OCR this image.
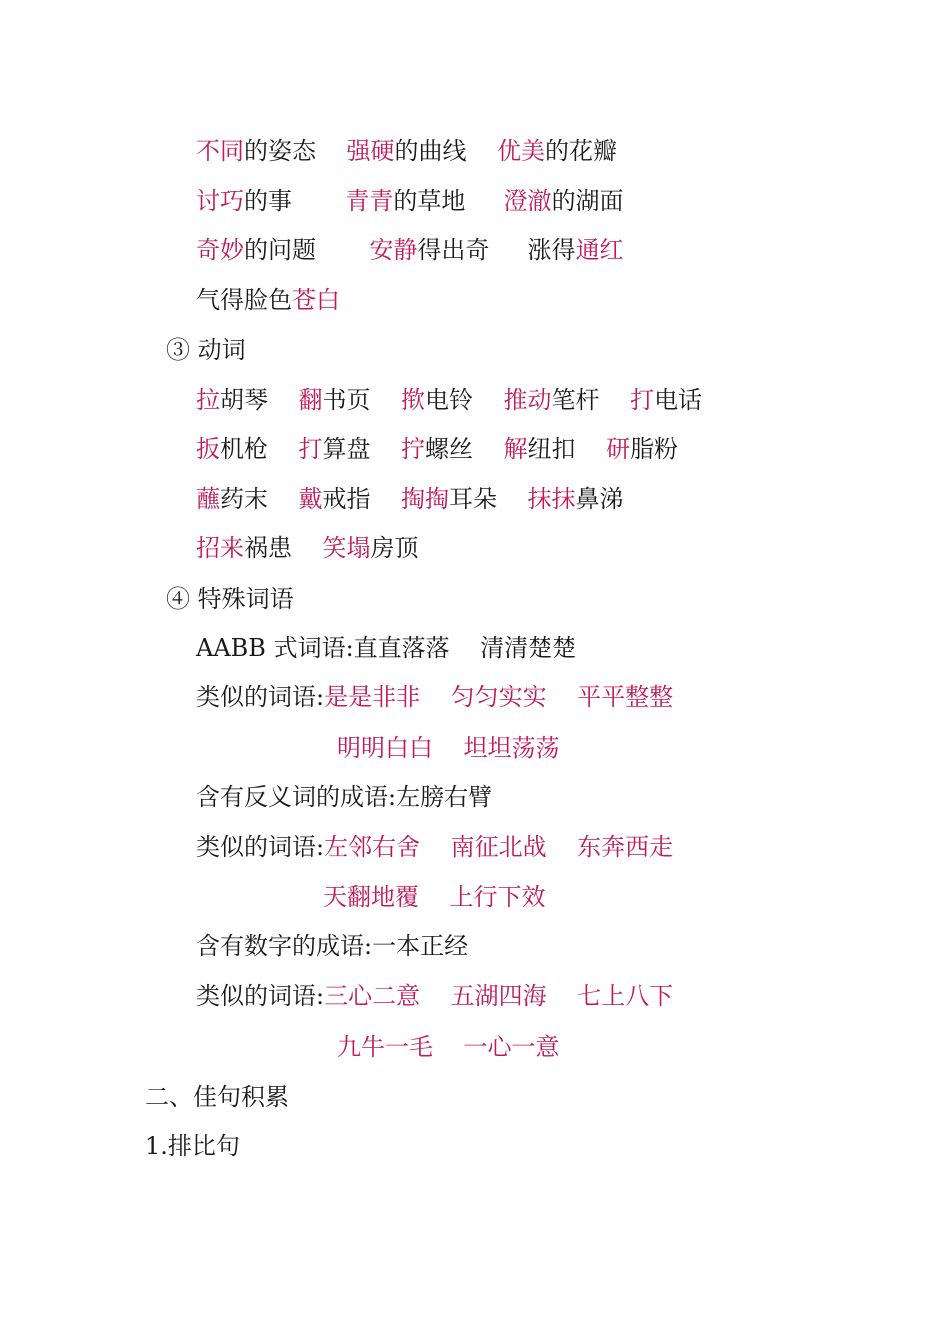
不同的姿态    强硬的曲线    优美的花瓣
讨巧的事       青青的草地     澄澈的湖面
奇妙的问题       安静得出奇     涨得通红
气得脸色苍白
③ 动词
拉胡琴    翻书页    揿电铃    推动笔杆    打电话
扳机枪    打算盘    拧螺丝    解纽扣    研脂粉
蘸药末    戴戒指    掏掏耳朵    抹抹鼻涕
招来祸患    笑塌房顶
④ 特殊词语
AABB 式词语:直直落落    清清楚楚
类似的词语:是是非非    匀匀实实    平平整整
明明白白    坦坦荡荡
含有反义词的成语:左膀右臂
类似的词语:左邻右舍    南征北战    东奔西走
天翻地覆    上行下效
含有数字的成语:一本正经
类似的词语:三心二意    五湖四海    七上八下
九牛一毛    一心一意
二、佳句积累
1.排比句
